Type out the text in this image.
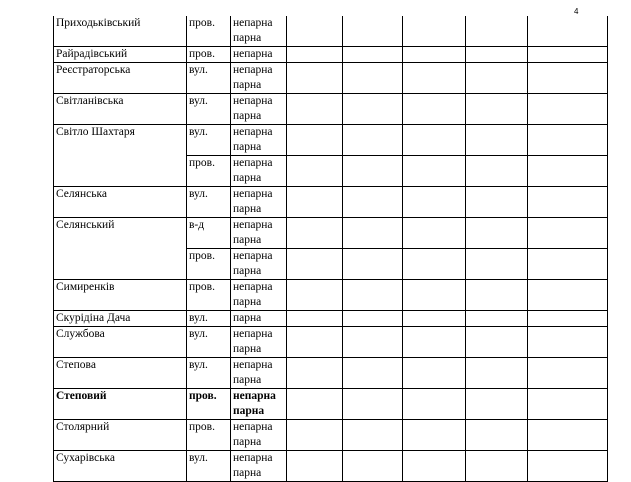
4
Приходьківський	пров.	непарна
парна					

Райрадівський	пров.	непарна					

Реєстраторська	вул.	непарна
парна					

Світланівська	вул.	непарна
парна					

Світло Шахтаря	вул.	непарна
парна					

	пров.	непарна
парна					

Селянська	вул.	непарна
парна					

Селянський	в-д	непарна
парна					

	пров.	непарна
парна					

Симиренків	пров.	непарна
парна					

Скурідіна Дача	вул.	парна					

Службова	вул.	непарна
парна					

Степова	вул.	непарна
парна					

Степовий	пров.	непарна
парна					

Столярний	пров.	непарна
парна					

Сухарівська	вул.	непарна
парна					
